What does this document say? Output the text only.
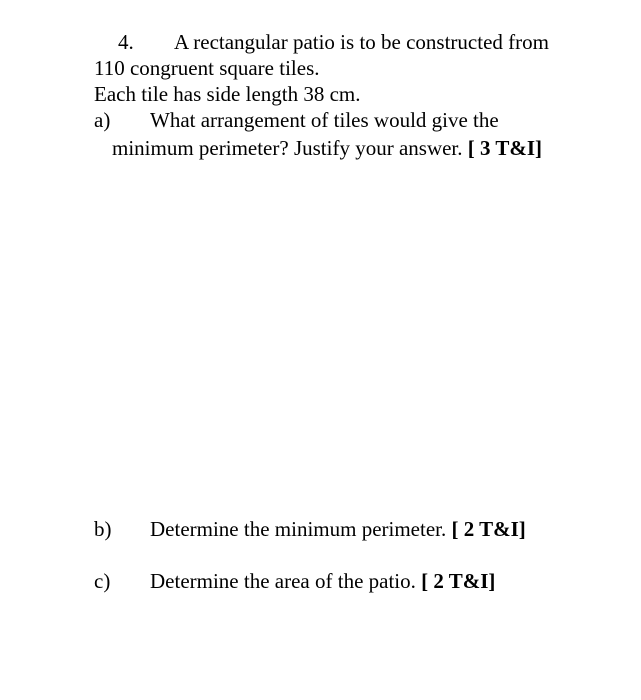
4. A rectangular patio is to be constructed from
110 congruent square tiles.
Each tile has side length 38 cm.
a) What arrangement of tiles would give the
minimum perimeter? Justify your answer. [ 3 T&I]
b) Determine the minimum perimeter. [ 2 T&I]
c) Determine the area of the patio. [ 2 T&I]
